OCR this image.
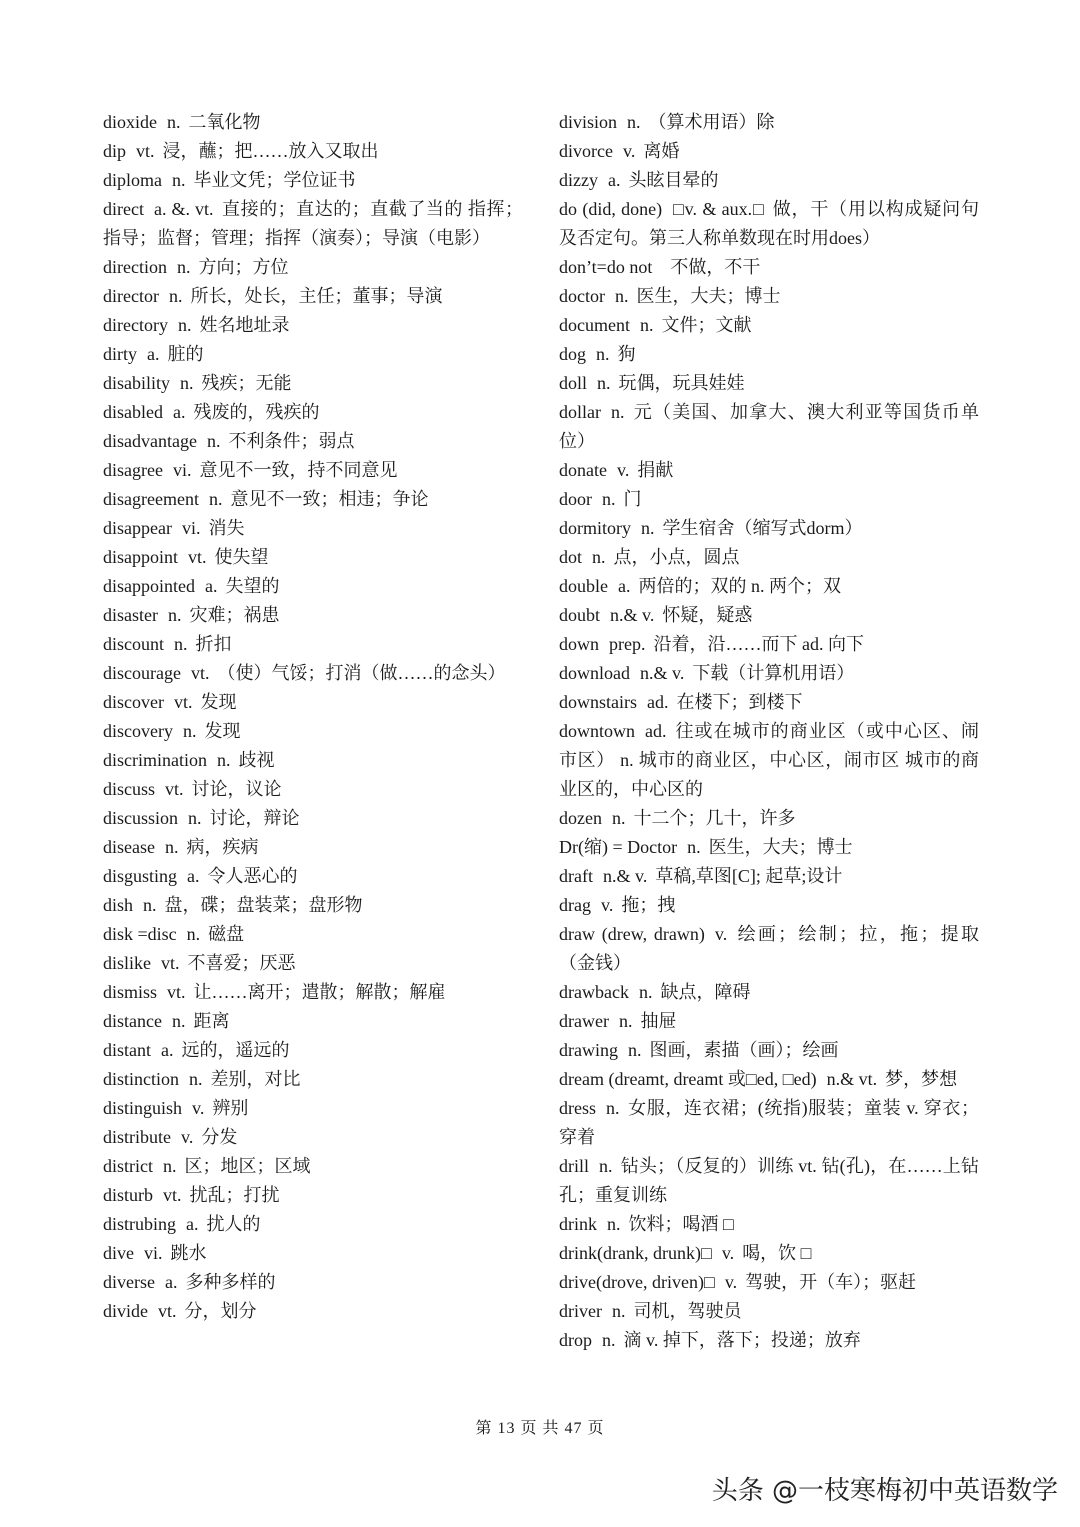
dioxide n. 二氧化物

dip vt. 浸，蘸；把……放入又取出

diploma n. 毕业文凭；学位证书

direct a. &. vt. 直接的；直达的；直截了当的 指挥；指导；监督；管理；指挥（演奏）；导演（电影）

direction n. 方向；方位

director n. 所长，处长，主任；董事；导演

directory n. 姓名地址录

dirty a. 脏的

disability n. 残疾；无能

disabled a. 残废的，残疾的

disadvantage n. 不利条件；弱点

disagree vi. 意见不一致，持不同意见

disagreement n. 意见不一致；相违；争论

disappear vi. 消失

disappoint vt. 使失望

disappointed a. 失望的

disaster n. 灾难；祸患

discount n. 折扣

discourage vt. （使）气馁；打消（做……的念头）

discover vt. 发现

discovery n. 发现

discrimination n. 歧视

discuss vt. 讨论，议论

discussion n. 讨论，辩论

disease n. 病，疾病

disgusting a. 令人恶心的

dish n. 盘，碟；盘装菜；盘形物

disk =disc n. 磁盘

dislike vt. 不喜爱；厌恶

dismiss vt. 让……离开；遣散；解散；解雇

distance n. 距离

distant a. 远的，遥远的

distinction n. 差别，对比

distinguish v. 辨别

distribute v. 分发

district n. 区；地区；区域

disturb vt. 扰乱；打扰

distrubing a. 扰人的

dive vi. 跳水

diverse a. 多种多样的

divide vt. 分，划分

division n. （算术用语）除

divorce v. 离婚

dizzy a. 头眩目晕的

do (did, done) □v. & aux.□ 做，干（用以构成疑问句及否定句。第三人称单数现在时用does）

don’t=do not 不做，不干

doctor n. 医生，大夫；博士

document n. 文件；文献

dog n. 狗

doll n. 玩偶，玩具娃娃

dollar n. 元（美国、加拿大、澳大利亚等国货币单位）

donate v. 捐献

door n. 门

dormitory n. 学生宿舍（缩写式dorm）

dot n. 点，小点，圆点

double a. 两倍的；双的 n. 两个；双

doubt n.& v. 怀疑，疑惑

down prep. 沿着，沿……而下 ad. 向下

download n.& v. 下载（计算机用语）

downstairs ad. 在楼下；到楼下

downtown ad. 往或在城市的商业区（或中心区、闹市区） n. 城市的商业区，中心区，闹市区 城市的商业区的，中心区的

dozen n. 十二个；几十，许多

Dr(缩) = Doctor n. 医生，大夫；博士

draft n.& v. 草稿,草图[C]; 起草;设计

drag v. 拖；拽

draw (drew, drawn) v. 绘画；绘制；拉，拖；提取（金钱）

drawback n. 缺点，障碍

drawer n. 抽屉

drawing n. 图画，素描（画）；绘画

dream (dreamt, dreamt 或□ed, □ed) n.& vt. 梦，梦想

dress n. 女服，连衣裙；(统指)服装；童装 v. 穿衣；穿着

drill n. 钻头；（反复的）训练 vt. 钻(孔)，在……上钻孔；重复训练

drink n. 饮料；喝酒 □

drink(drank, drunk)□ v. 喝，饮 □

drive(drove, driven)□ v. 驾驶，开（车）；驱赶

driver n. 司机，驾驶员

drop n. 滴 v. 掉下，落下；投递；放弃

第 13 页 共 47 页
头条 @一枝寒梅初中英语数学
